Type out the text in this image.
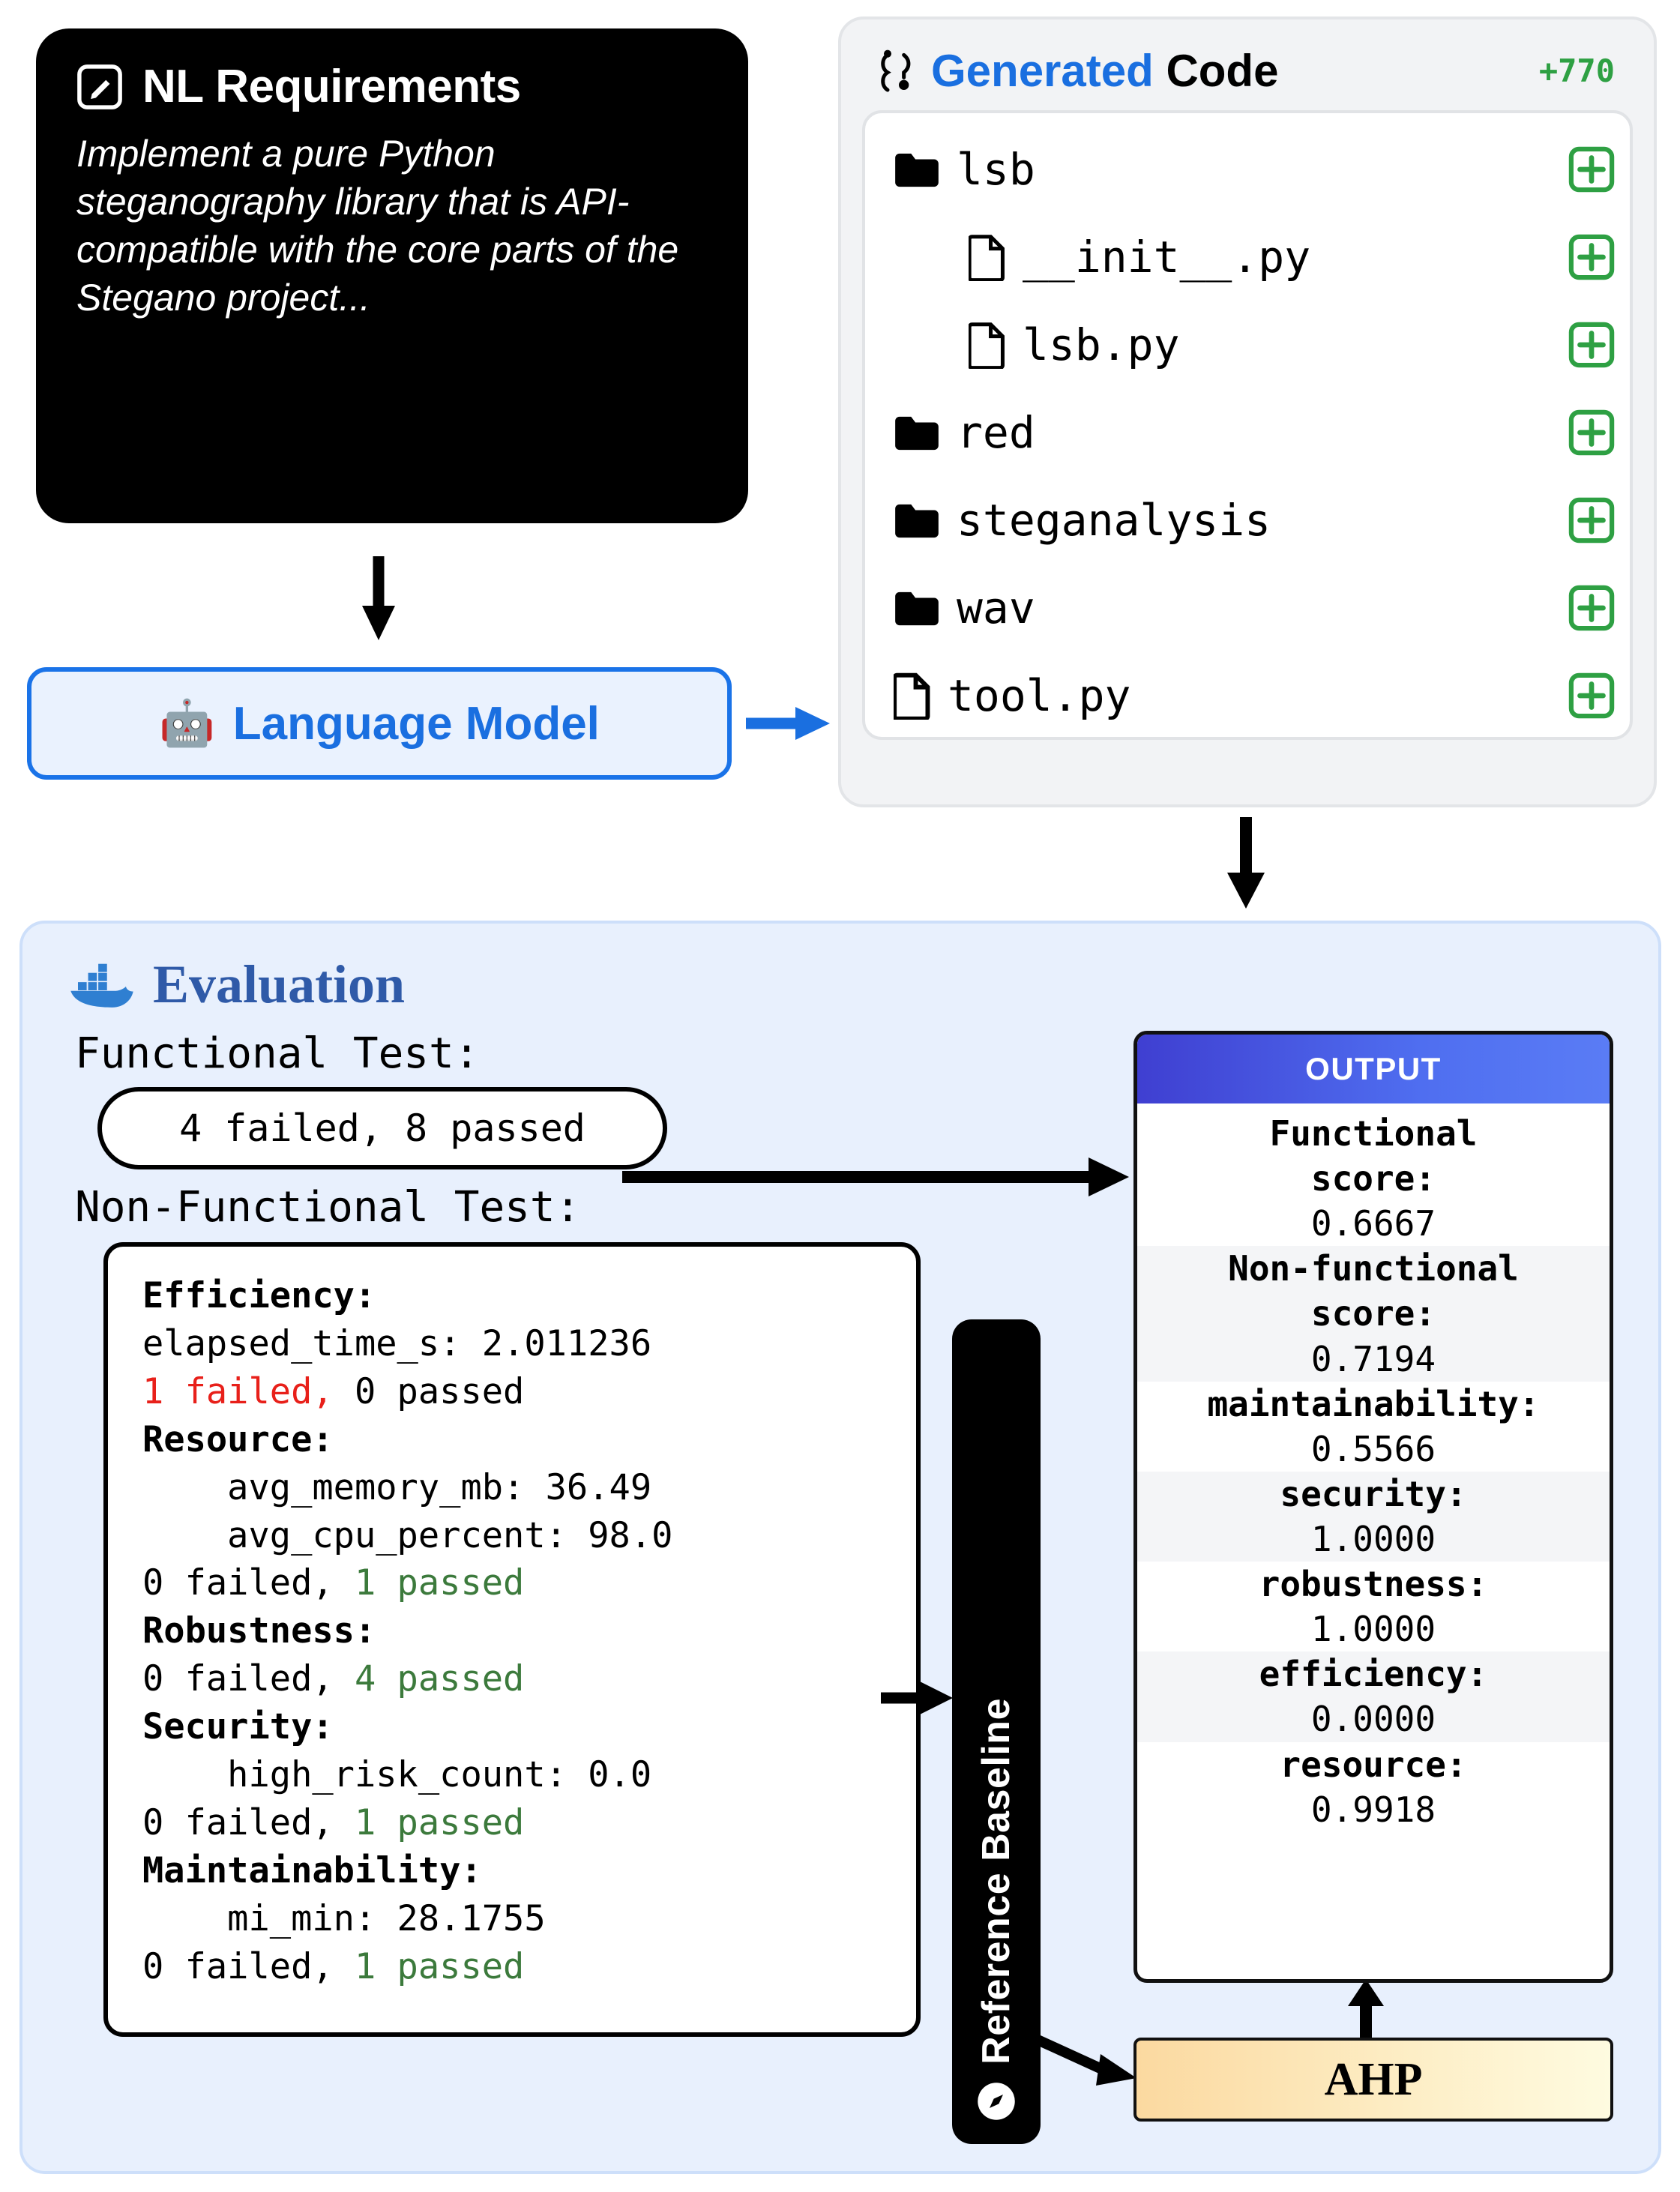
NL Requirements
Implement a pure Python steganography library that is API-compatible with the core parts of the Stegano project...
🤖 Language Model
Generated Code	+770
lsb
__init__.py
lsb.py
red
steganalysis
wav
tool.py
Evaluation
Functional Test:
4 failed, 8 passed
Non-Functional Test:
Efficiency:
elapsed_time_s: 2.011236
1 failed, 0 passed
Resource:
avg_memory_mb: 36.49
avg_cpu_percent: 98.0
0 failed, 1 passed
Robustness:
0 failed, 4 passed
Security:
high_risk_count: 0.0
0 failed, 1 passed
Maintainability:
mi_min: 28.1755
0 failed, 1 passed	Reference Baseline
OUTPUT
Functional
score:
0.6667
Non-functional
score:
0.7194
maintainability:
0.5566
security:
1.0000
robustness:
1.0000
efficiency:
0.0000
resource:
0.9918
AHP
